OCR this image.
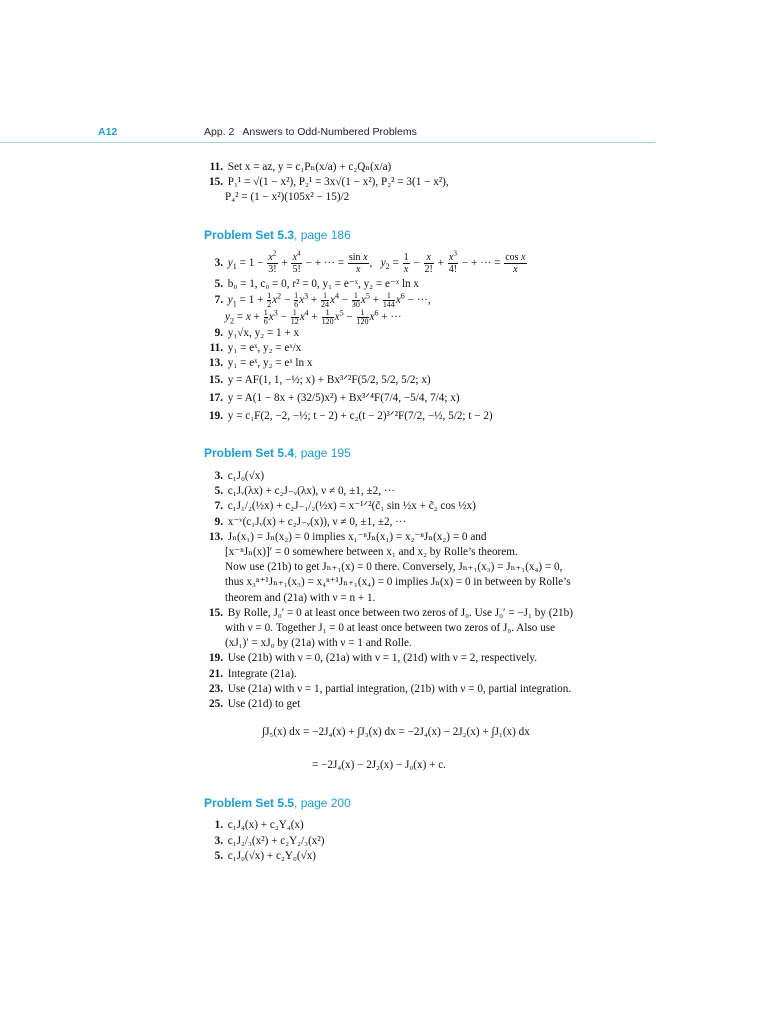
A12	App. 2 Answers to Odd-Numbered Problems
11. Set x = az, y = c₁Pₙ(x/a) + c₂Qₙ(x/a)
15. P₁¹ = √(1 − x²), P₂¹ = 3x√(1 − x²), P₂² = 3(1 − x²),
P₄² = (1 − x²)(105x² − 15)/2
Problem Set 5.3, page 186
3. $y_1 = 1 - \frac{x^2}{3!} + \frac{x^4}{5!}$ − + ··· = $\frac{\text{sin x}}{x}$ ,   $y_2 = \frac{1}{x} - \frac{x}{2!} + \frac{x^3}{4!}$ − + ··· = $\frac{\text{cos x}}{x}$
5. b₀ = 1, c₀ = 0, r² = 0, y₁ = e⁻ˣ, y₂ = e⁻ˣ ln x
7. $y_1 = 1 + \frac{1}{2} x^2 - \frac{1}{6} x^3 + \frac{1}{24} x^4 - \frac{1}{30} x^5 + \frac{1}{144} x^6$ − ···,
$y_2 = x + \frac{1}{6} x^3 - \frac{1}{12} x^4 + \frac{1}{120} x^5 - \frac{1}{120} x^6$ + ···
9. y₁√x, y₂ = 1 + x
11. y₁ = eˣ, y₂ = eˣ/x
13. y₁ = eˣ, y₂ = eˣ ln x
15. y = AF(1, 1, −½; x) + Bx³ᐟ²F(5/2, 5/2, 5/2; x)
17. y = A(1 − 8x + (32/5)x²) + Bx³ᐟ⁴F(7/4, −5/4, 7/4; x)
19. y = c₁F(2, −2, −½; t − 2) + c₂(t − 2)³ᐟ²F(7/2, −½, 5/2; t − 2)
Problem Set 5.4, page 195
3. c₁J₀(√x)
5. c₁Jᵥ(λx) + c₂J₋ᵥ(λx), ν ≠ 0, ±1, ±2, ···
7. c₁J₁/₂(½x) + c₂J₋₁/₂(½x) = x⁻¹ᐟ²(c̃₁ sin ½x + c̃₂ cos ½x)
9. x⁻ᵛ(c₁Jᵥ(x) + c₂J₋ᵥ(x)), ν ≠ 0, ±1, ±2, ···
13. Jₙ(x₁) = Jₙ(x₂) = 0 implies x₁⁻ⁿJₙ(x₁) = x₂⁻ⁿJₙ(x₂) = 0 and
[x⁻ⁿJₙ(x)]′ = 0 somewhere between x₁ and x₂ by Rolle’s theorem.
Now use (21b) to get Jₙ₊₁(x) = 0 there. Conversely, Jₙ₊₁(x₃) = Jₙ₊₁(x₄) = 0,
thus x₃ⁿ⁺¹Jₙ₊₁(x₃) = x₄ⁿ⁺¹Jₙ₊₁(x₄) = 0 implies Jₙ(x) = 0 in between by Rolle’s
theorem and (21a) with ν = n + 1.
15. By Rolle, J₀′ = 0 at least once between two zeros of J₀. Use J₀′ = −J₁ by (21b)
with ν = 0. Together J₁ = 0 at least once between two zeros of J₀. Also use
(xJ₁)′ = xJ₀ by (21a) with ν = 1 and Rolle.
19. Use (21b) with ν = 0, (21a) with ν = 1, (21d) with ν = 2, respectively.
21. Integrate (21a).
23. Use (21a) with ν = 1, partial integration, (21b) with ν = 0, partial integration.
25. Use (21d) to get
∫J₅(x) dx = −2J₄(x) + ∫J₃(x) dx = −2J₄(x) − 2J₂(x) + ∫J₁(x) dx
= −2J₄(x) − 2J₂(x) − J₀(x) + c.
Problem Set 5.5, page 200
1. c₁J₄(x) + c₂Y₄(x)
3. c₁J₂/₃(x²) + c₂Y₂/₃(x²)
5. c₁J₀(√x) + c₂Y₀(√x)
